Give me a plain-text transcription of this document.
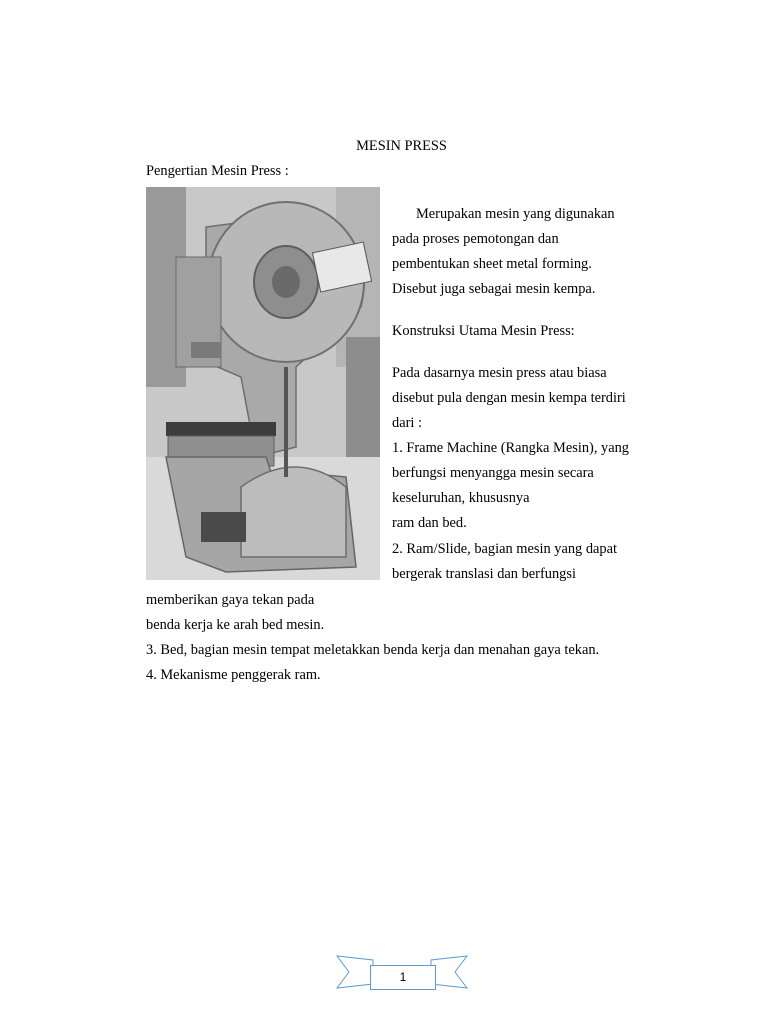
MESIN PRESS
Pengertian Mesin Press :
Merupakan mesin yang digunakan
pada proses pemotongan dan
pembentukan sheet metal forming.
Disebut juga sebagai mesin kempa.
Konstruksi Utama Mesin Press:
Pada dasarnya mesin press atau biasa
disebut pula dengan mesin kempa terdiri
dari :
1. Frame Machine (Rangka Mesin), yang
berfungsi menyangga mesin secara
keseluruhan, khususnya
ram dan bed.
2. Ram/Slide, bagian mesin yang dapat
bergerak translasi dan berfungsi
memberikan gaya tekan pada
benda kerja ke arah bed mesin.
3. Bed, bagian mesin tempat meletakkan benda kerja dan menahan gaya tekan.
4. Mekanisme penggerak ram.
1
